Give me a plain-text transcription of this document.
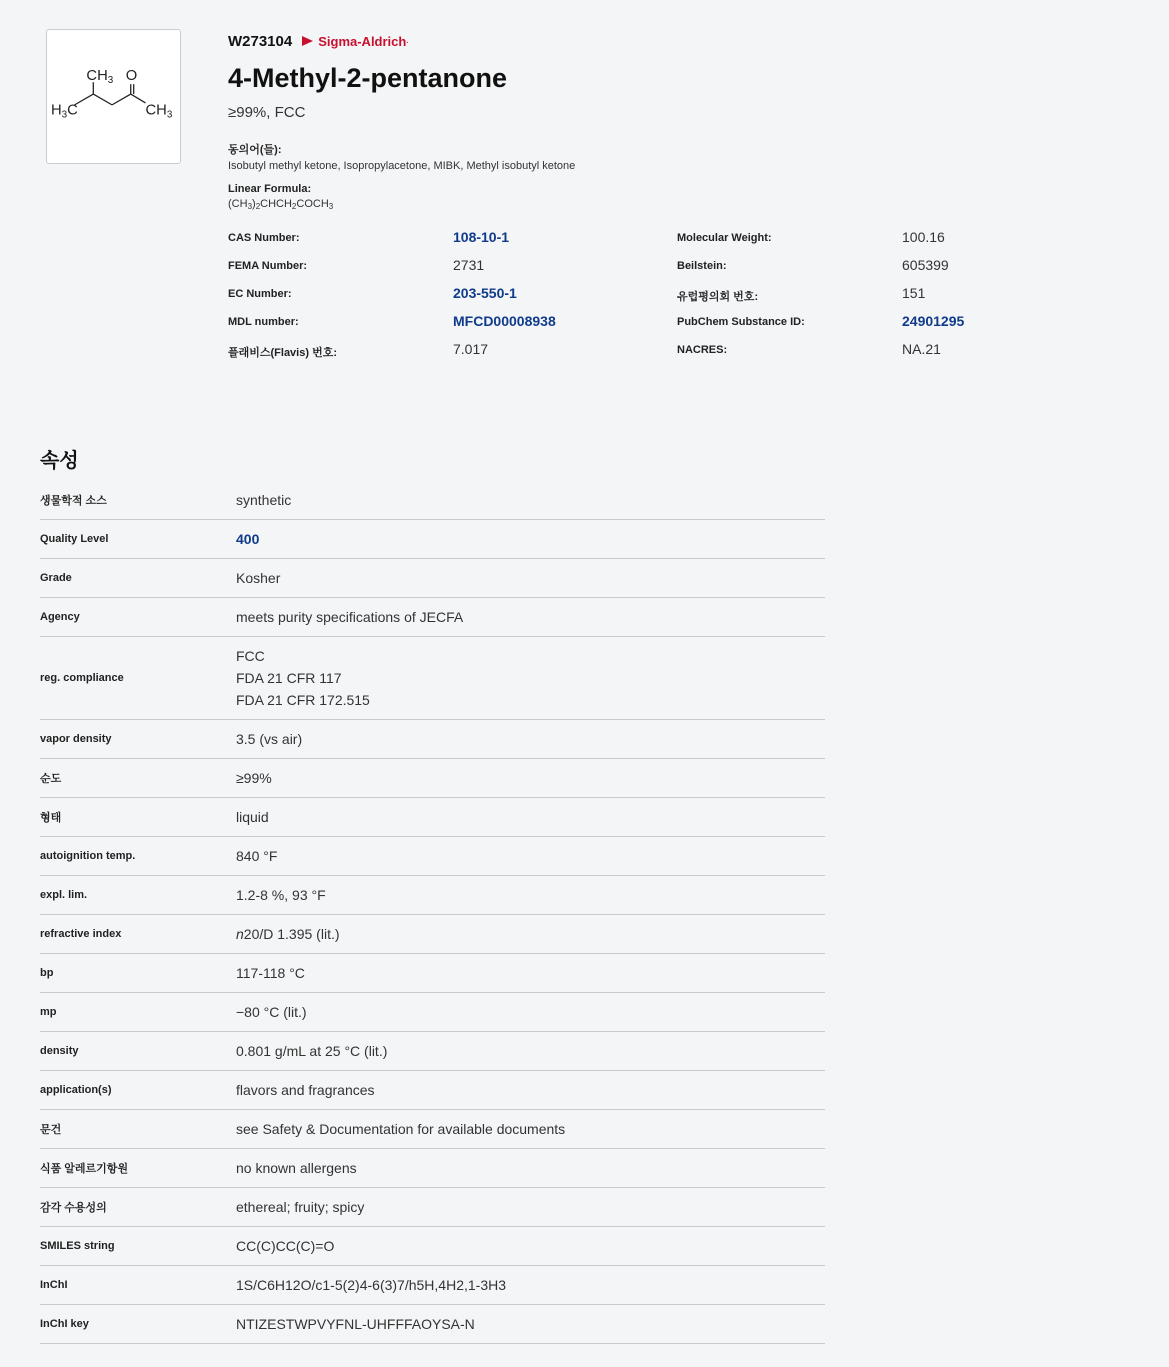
$CH_3$ O
$H_3C$	$CH_3$
W273104 Sigma-Aldrich .
4-Methyl-2-pentanone
≥99%, FCC
동의어(들):
Isobutyl methyl ketone, Isopropylacetone, MIBK, Methyl isobutyl ketone
Linear Formula:
$(CH_3)_2CHCH_2COCH_3$
CAS Number:	108-10-1	Molecular Weight:	100.16
FEMA Number:	2731	Beilstein:	605399
EC Number:	203-550-1	유럽평의회 번호:	151
MDL number:	MFCD00008938	PubChem Substance ID:	24901295
플래비스(Flavis) 번호:	7.017	NACRES:	NA.21
속성
생물학적 소스	synthetic
Quality Level	400
Grade	Kosher
Agency	meets purity specifications of JECFA
reg. compliance
FCC
FDA 21 CFR 117
FDA 21 CFR 172.515
vapor density	3.5 (vs air)
순도	≥99%
형태	liquid
autoignition temp.	840 °F
expl. lim.	1.2-8 %, 93 °F
refractive index	n20/D 1.395 (lit.)
bp	117-118 °C
mp	−80 °C (lit.)
density	0.801 g/mL at 25 °C (lit.)
application(s)	flavors and fragrances
문건	see Safety & Documentation for available documents
식품 알레르기항원	no known allergens
감각 수용성의	ethereal; fruity; spicy
SMILES string	CC(C)CC(C)=O
InChI	1S/C6H12O/c1-5(2)4-6(3)7/h5H,4H2,1-3H3
InChI key	NTIZESTWPVYFNL-UHFFFAOYSA-N
